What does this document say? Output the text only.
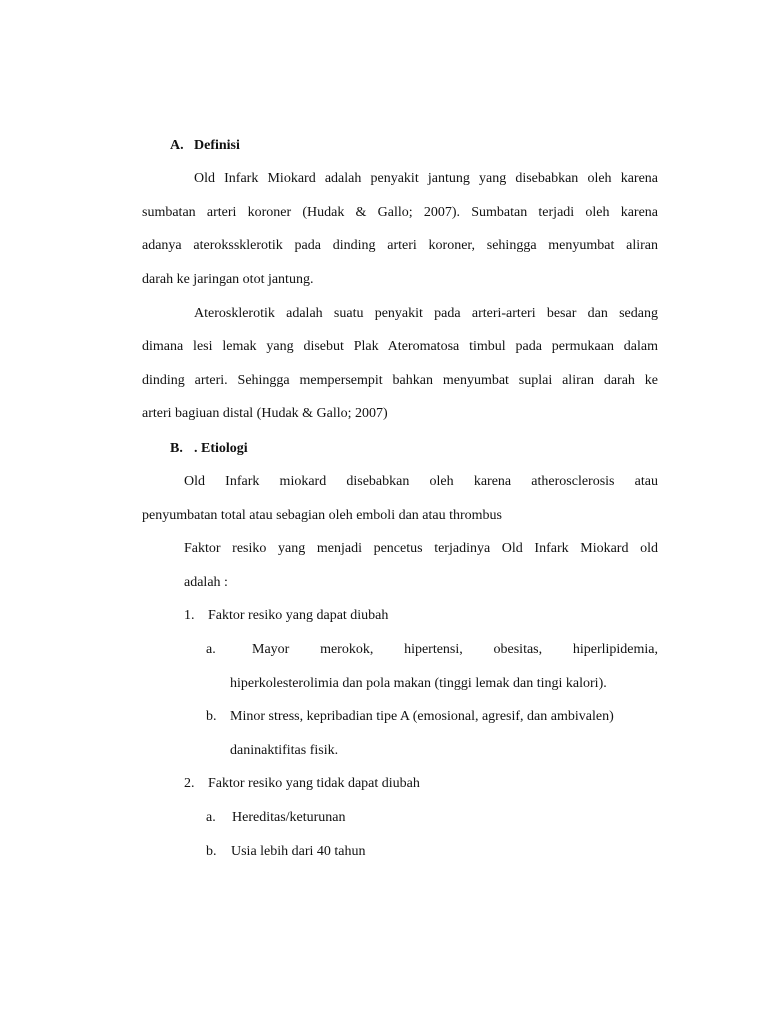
A. Definisi

Old Infark Miokard adalah penyakit jantung yang disebabkan oleh karena

sumbatan arteri koroner (Hudak & Gallo; 2007). Sumbatan terjadi oleh karena

adanya aterokssklerotik pada dinding arteri koroner, sehingga menyumbat aliran

darah ke jaringan otot jantung.

Aterosklerotik adalah suatu penyakit pada arteri-arteri besar dan sedang

dimana lesi lemak yang disebut Plak Ateromatosa timbul pada permukaan dalam

dinding arteri. Sehingga mempersempit bahkan menyumbat suplai aliran darah ke

arteri bagiuan distal (Hudak & Gallo; 2007)

B. . Etiologi

Old Infark miokard disebabkan oleh karena atherosclerosis atau

penyumbatan total atau sebagian oleh emboli dan atau thrombus

Faktor resiko yang menjadi pencetus terjadinya Old Infark Miokard old

adalah :

1. Faktor resiko yang dapat diubah
a.	Mayor merokok, hipertensi, obesitas, hiperlipidemia,

hiperkolesterolimia dan pola makan (tinggi lemak dan tingi kalori).

b. Minor stress, kepribadian tipe A (emosional, agresif, dan ambivalen)

daninaktifitas fisik.

2. Faktor resiko yang tidak dapat diubah
a. Hereditas/keturunan

b. Usia lebih dari 40 tahun
